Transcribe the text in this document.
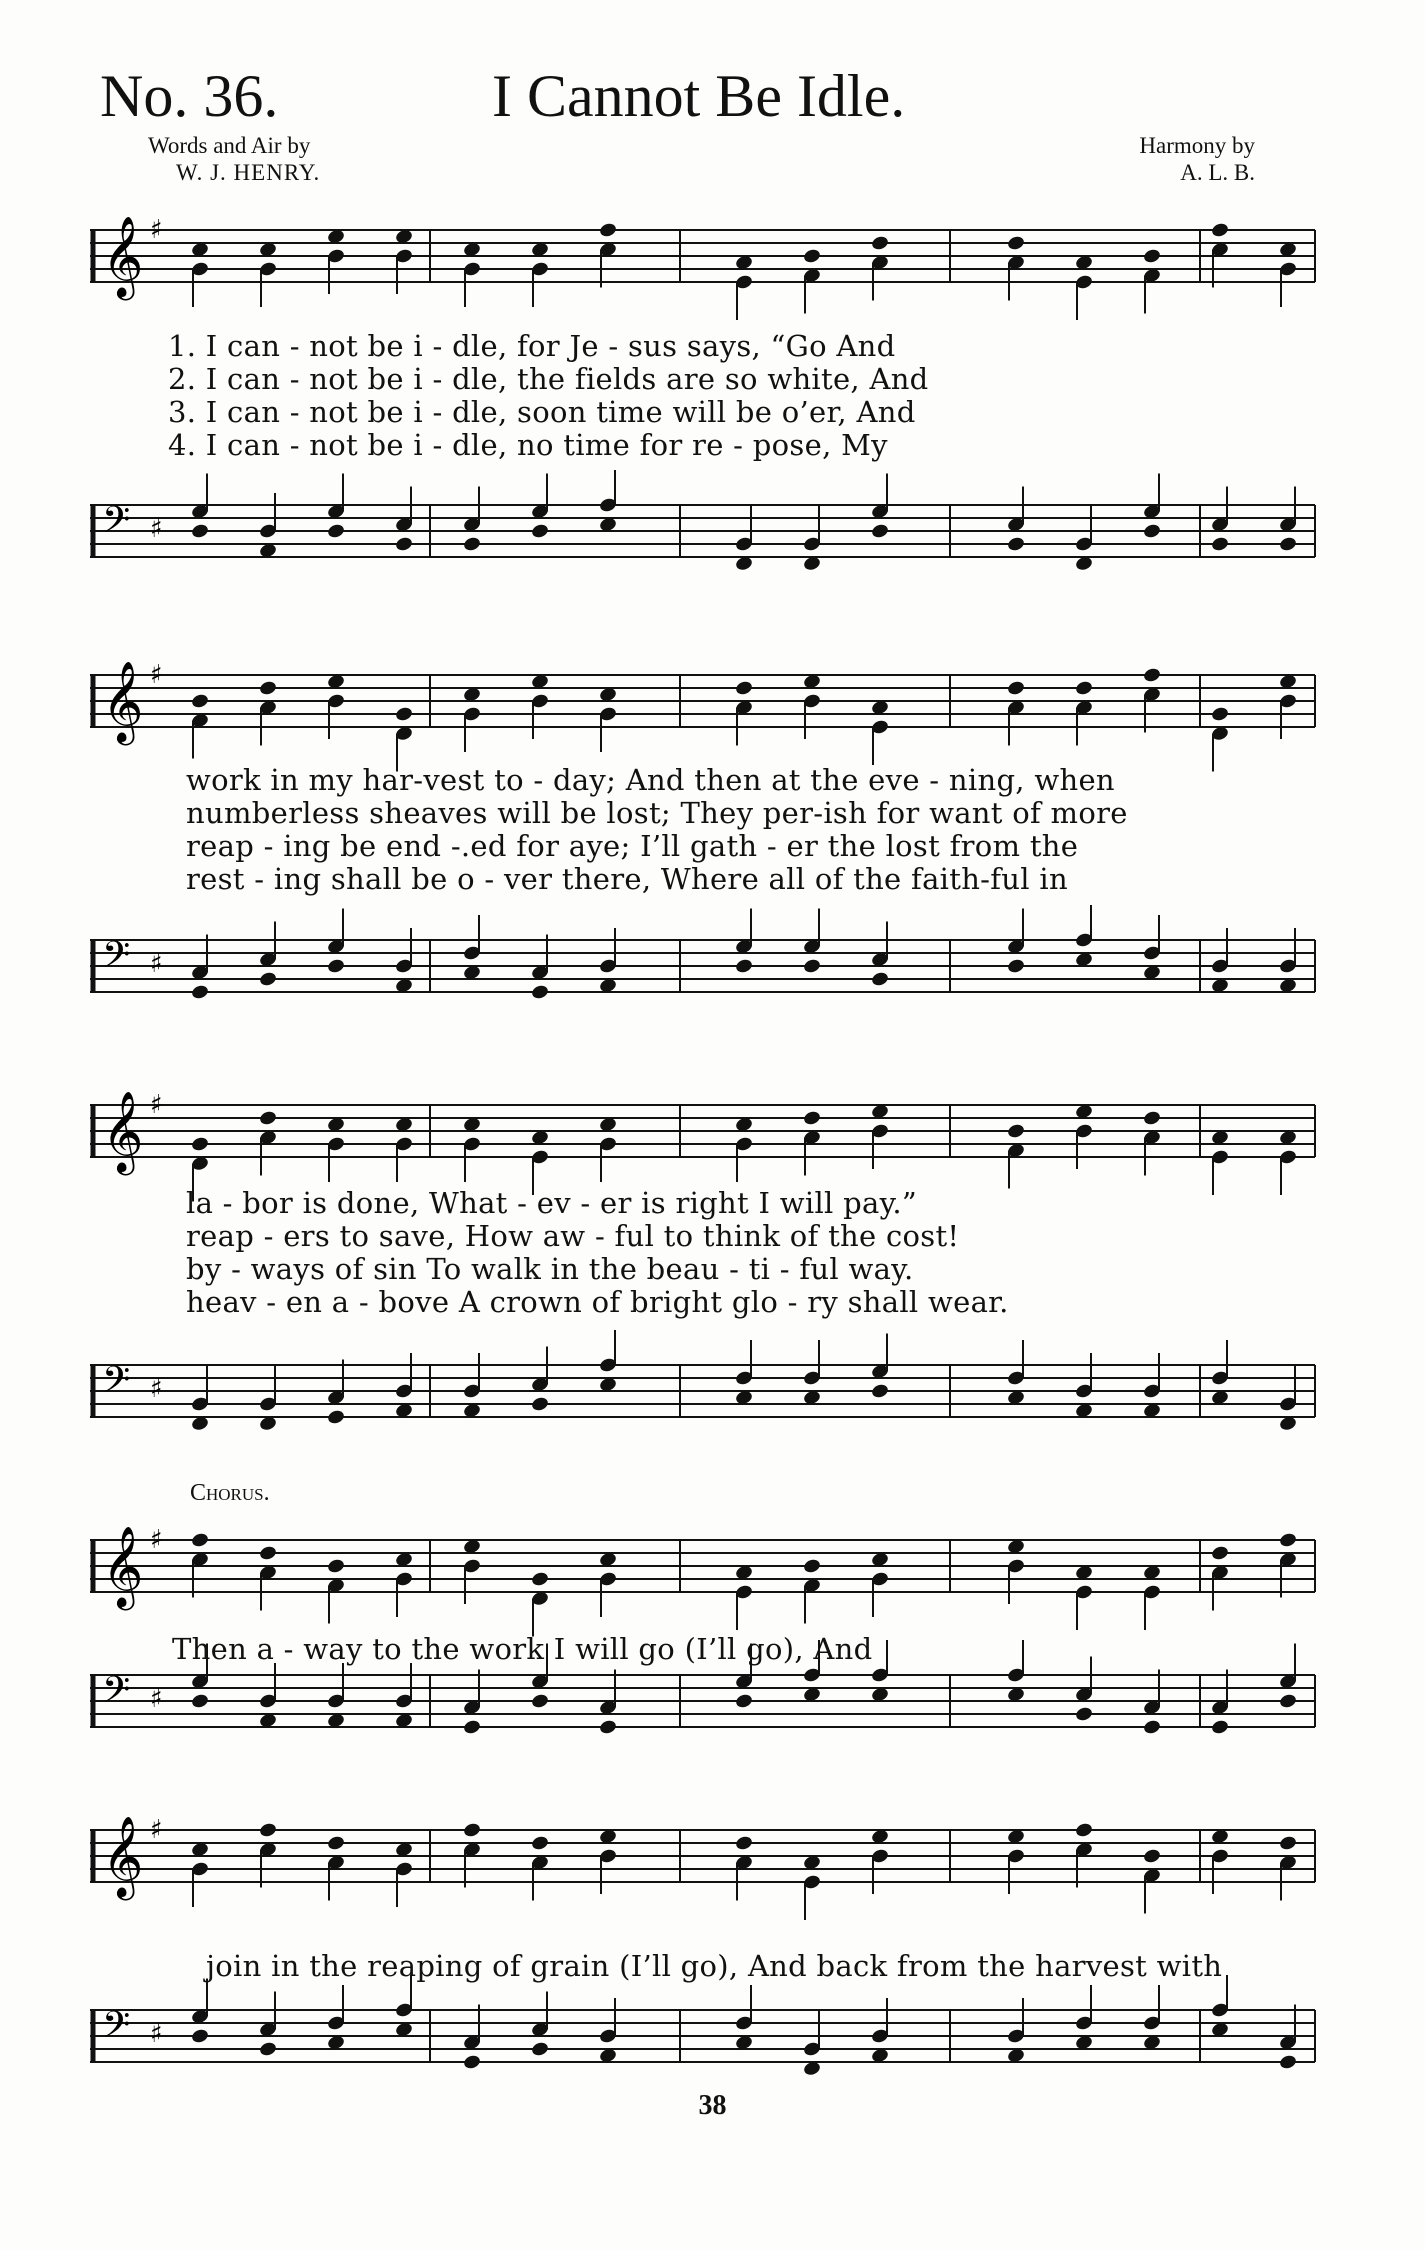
No. 36.	I Cannot Be Idle.
Words and Air by
W. J. HENRY.
Harmony by
A. L. B.
𝄞 ♯
1. I can - not be i - dle, for Je - sus says, “Go And
2. I can - not be i - dle, the fields are so white, And
3. I can - not be i - dle, soon time will be o’er, And
4. I can - not be i - dle, no time for re - pose, My
𝄢 ♯
𝄞 ♯
work in my har-vest to - day; And then at the eve - ning, when
numberless sheaves will be lost; They per-ish for want of more
reap - ing be end -.ed for aye; I’ll gath - er the lost from the
rest - ing shall be o - ver there, Where all of the faith-ful in
𝄢 ♯
𝄞 ♯
la - bor is done, What - ev - er is right I will pay.”
reap - ers to save, How aw - ful to think of the cost!
by - ways of sin To walk in the beau - ti - ful way.
heav - en a - bove A crown of bright glo - ry shall wear.
𝄢 ♯
Chorus.
𝄞 ♯
Then a - way to the work I will go (I’ll go), And
𝄢 ♯
𝄞 ♯
join in the reaping of grain (I’ll go), And back from the harvest with
𝄢 ♯
38
